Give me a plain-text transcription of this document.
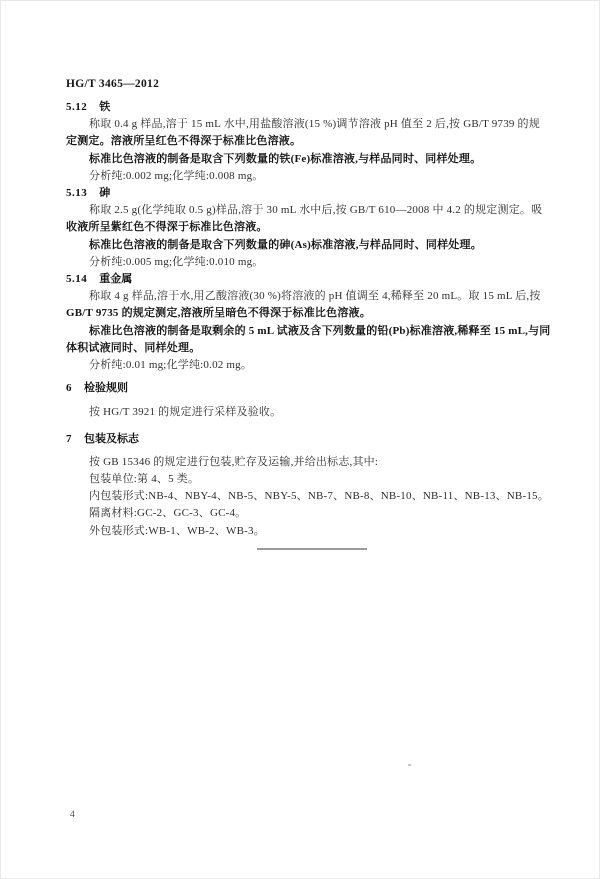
HG/T 3465—2012
5.12 铁
称取 0.4 g 样品,溶于 15 mL 水中,用盐酸溶液(15 %)调节溶液 pH 值至 2 后,按 GB/T 9739 的规
定测定。溶液所呈红色不得深于标准比色溶液。
标准比色溶液的制备是取含下列数量的铁(Fe)标准溶液,与样品同时、同样处理。
分析纯:0.002 mg;化学纯:0.008 mg。
5.13 砷
称取 2.5 g(化学纯取 0.5 g)样品,溶于 30 mL 水中后,按 GB/T 610—2008 中 4.2 的规定测定。吸
收液所呈紫红色不得深于标准比色溶液。
标准比色溶液的制备是取含下列数量的砷(As)标准溶液,与样品同时、同样处理。
分析纯:0.005 mg;化学纯:0.010 mg。
5.14 重金属
称取 4 g 样品,溶于水,用乙酸溶液(30 %)将溶液的 pH 值调至 4,稀释至 20 mL。取 15 mL 后,按
GB/T 9735 的规定测定,溶液所呈暗色不得深于标准比色溶液。
标准比色溶液的制备是取剩余的 5 mL 试液及含下列数量的铅(Pb)标准溶液,稀释至 15 mL,与同
体积试液同时、同样处理。
分析纯:0.01 mg;化学纯:0.02 mg。
6 检验规则
按 HG/T 3921 的规定进行采样及验收。
7 包装及标志
按 GB 15346 的规定进行包装,贮存及运输,并给出标志,其中:
包装单位:第 4、5 类。
内包装形式:NB-4、NBY-4、NB-5、NBY-5、NB-7、NB-8、NB-10、NB-11、NB-13、NB-15。
隔离材料:GC-2、GC-3、GC-4。
外包装形式:WB-1、WB-2、WB-3。
4
